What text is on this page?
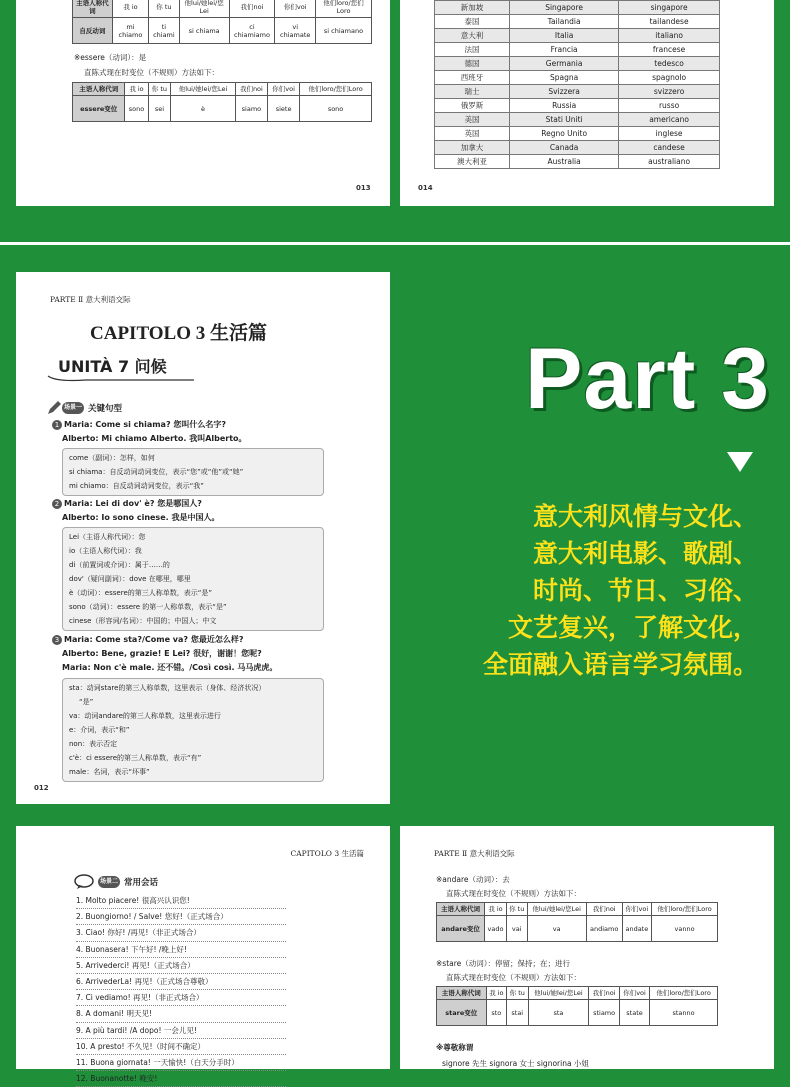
主语人称代词	我 io	你 tu	他lui/她lei/您Lei	我们noi	你们voi	他们loro/您们Loro
自反动词	mi chiamo	ti chiami	si chiama	ci chiamiamo	vi chiamate	si chiamano
※essere（动词）：是
直陈式现在时变位（不规则）方法如下：
主语人称代词	我 io	你 tu	他lui/她lei/您Lei	我们noi	你们voi	他们loro/您们Loro
essere变位	sono	sei	è	siamo	siete	sono
013
新加坡	Singapore	singapore
泰国	Tailandia	tailandese
意大利	Italia	italiano
法国	Francia	francese
德国	Germania	tedesco
西班牙	Spagna	spagnolo
瑞士	Svizzera	svizzero
俄罗斯	Russia	russo
美国	Stati Uniti	americano
英国	Regno Unito	inglese
加拿大	Canada	candese
澳大利亚	Australia	australiano
014
PARTE Ⅱ 意大利语交际
CAPITOLO 3 生活篇
UNITÀ 7 问候
场景一 关键句型
1 Maria: Come si chiama? 您叫什么名字?
Alberto: Mi chiamo Alberto. 我叫Alberto。
come（副词）：怎样，如何
si chiama：自反动词动词变位，表示“您”或“他”或“她”
mi chiamo：自反动词动词变位，表示“我”
2 Maria: Lei di dov' è? 您是哪国人?
Alberto: Io sono cinese. 我是中国人。
Lei（主语人称代词）：您
io（主语人称代词）：我
di（前置词或介词）：属于……的
dov'（疑问副词）：dove 在哪里，哪里
è（动词）：essere的第三人称单数，表示“是”
sono（动词）：essere 的第一人称单数，表示“是”
cinese（形容词/名词）：中国的；中国人；中文
3 Maria: Come sta?/Come va? 您最近怎么样?
Alberto: Bene, grazie! E Lei? 很好，谢谢！您呢?
Maria: Non c'è male. 还不错。/Così così. 马马虎虎。
sta：动词stare的第三人称单数，这里表示（身体、经济状况）
“是”
va：动词andare的第三人称单数，这里表示进行
e：介词，表示“和”
non：表示否定
c'è：ci essere的第三人称单数，表示“有”
male：名词，表示“坏事”
012
Part 3
意大利风情与文化、
意大利电影、歌剧、
时尚、节日、习俗、
文艺复兴，了解文化，
全面融入语言学习氛围。
CAPITOLO 3 生活篇
场景二 常用会话
1. Molto piacere! 很高兴认识您!
2. Buongiorno! / Salve! 您好!（正式场合）
3. Ciao! 你好! /再见!（非正式场合）
4. Buonasera! 下午好! /晚上好!
5. Arrivederci! 再见!（正式场合）
6. ArrivederLa! 再见!（正式场合尊敬）
7. Ci vediamo! 再见!（非正式场合）
8. A domani! 明天见!
9. A più tardi! /A dopo! 一会儿见!
10. A presto! 不久见!（时间不确定）
11. Buona giornata! 一天愉快!（白天分手时）
12. Buonanotte! 晚安!
PARTE Ⅱ 意大利语交际
※andare（动词）：去
直陈式现在时变位（不规则）方法如下：
主语人称代词	我 io	你 tu	他lui/她lei/您Lei	我们noi	你们voi	他们loro/您们Loro
andare变位	vado	vai	va	andiamo	andate	vanno
※stare（动词）：停留；保持；在；进行
直陈式现在时变位（不规则）方法如下：
主语人称代词	我 io	你 tu	他lui/她lei/您Lei	我们noi	你们voi	他们loro/您们Loro
stare变位	sto	stai	sta	stiamo	state	stanno
※尊敬称谓
signore 先生 signora 女士 signorina 小姐
